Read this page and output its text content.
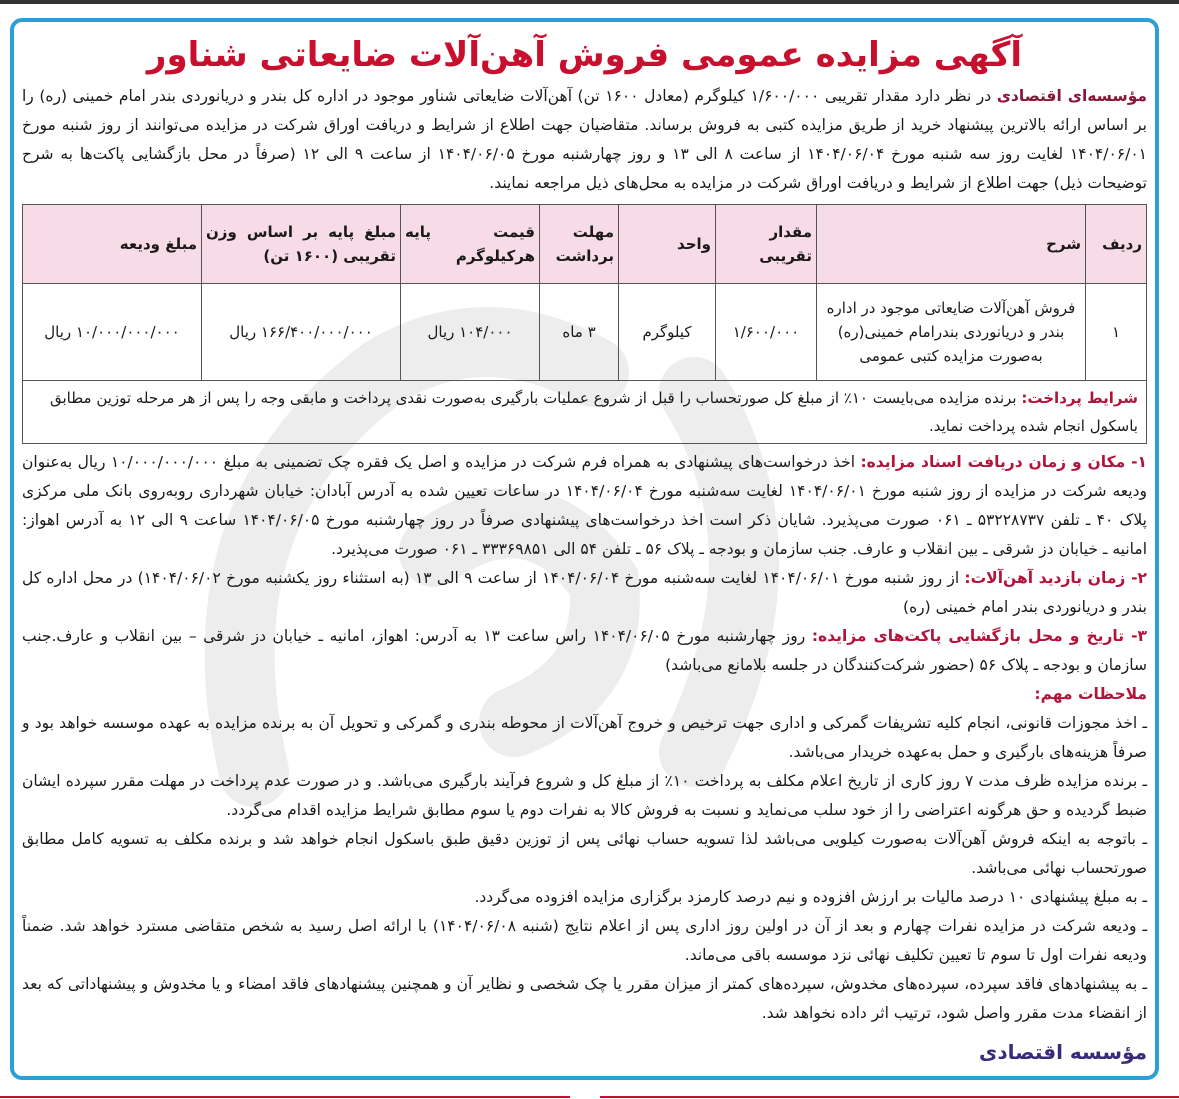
آگهی مزایده عمومی فروش آهن‌آلات ضایعاتی شناور

مؤسسه‌ای اقتصادی در نظر دارد مقدار تقریبی ۱/۶۰۰/۰۰۰ کیلوگرم (معادل ۱۶۰۰ تن) آهن‌آلات ضایعاتی شناور موجود در اداره کل بندر و دریانوردی بندر امام خمینی (ره) را بر اساس ارائه بالاترین پیشنهاد خرید از طریق مزایده کتبی به فروش برساند. متقاضیان جهت اطلاع از شرایط و دریافت اوراق شرکت در مزایده می‌توانند از روز شنبه مورخ ۱۴۰۴/۰۶/۰۱ لغایت روز سه شنبه مورخ ۱۴۰۴/۰۶/۰۴ از ساعت ۸ الی ۱۳ و روز چهارشنبه مورخ ۱۴۰۴/۰۶/۰۵ از ساعت ۹ الی ۱۲ (صرفاً در محل بازگشایی پاکت‌ها به شرح توضیحات ذیل) جهت اطلاع از شرایط و دریافت اوراق شرکت در مزایده به محل‌های ذیل مراجعه نمایند.

ردیف	شرح	مقدار تقریبی	واحد	مهلت برداشت	قیمت پایه هرکیلوگرم	مبلغ پایه بر اساس وزن تقریبی (۱۶۰۰ تن)	مبلغ ودیعه
۱	فروش آهن‌آلات ضایعاتی موجود در اداره بندر و دریانوردی بندرامام خمینی(ره) به‌صورت مزایده کتبی عمومی	۱/۶۰۰/۰۰۰	کیلوگرم	۳ ماه	۱۰۴/۰۰۰ ریال	۱۶۶/۴۰۰/۰۰۰/۰۰۰ ریال	۱۰/۰۰۰/۰۰۰/۰۰۰ ریال
شرایط پرداخت: برنده مزایده می‌بایست ۱۰٪ از مبلغ کل صورتحساب را قبل از شروع عملیات بارگیری به‌صورت نقدی پرداخت و مابقی وجه را پس از هر مرحله توزین مطابق باسکول انجام شده پرداخت نماید.							

۱- مکان و زمان دریافت اسناد مزایده: اخذ درخواست‌های پیشنهادی به همراه فرم شرکت در مزایده و اصل یک فقره چک تضمینی به مبلغ ۱۰/۰۰۰/۰۰۰/۰۰۰ ریال به‌عنوان ودیعه شرکت در مزایده از روز شنبه مورخ ۱۴۰۴/۰۶/۰۱ لغایت سه‌شنبه مورخ ۱۴۰۴/۰۶/۰۴ در ساعات تعیین شده به آدرس آبادان: خیابان شهرداری روبه‌روی بانک ملی مرکزی پلاک ۴۰ ـ تلفن ۵۳۲۲۸۷۳۷ ـ ۰۶۱ صورت می‌پذیرد. شایان ذکر است اخذ درخواست‌های پیشنهادی صرفاً در روز چهارشنبه مورخ ۱۴۰۴/۰۶/۰۵ ساعت ۹ الی ۱۲ به آدرس اهواز: امانیه ـ خیابان دز شرقی ـ بین انقلاب و عارف. جنب سازمان و بودجه ـ پلاک ۵۶ ـ تلفن ۵۴ الی ۳۳۳۶۹۸۵۱ ـ ۰۶۱ صورت می‌پذیرد.

۲- زمان بازدید آهن‌آلات: از روز شنبه مورخ ۱۴۰۴/۰۶/۰۱ لغایت سه‌شنبه مورخ ۱۴۰۴/۰۶/۰۴ از ساعت ۹ الی ۱۳ (به استثناء روز یکشنبه مورخ ۱۴۰۴/۰۶/۰۲) در محل اداره کل بندر و دریانوردی بندر امام خمینی (ره)

۳- تاریخ و محل بازگشایی پاکت‌های مزایده: روز چهارشنبه مورخ ۱۴۰۴/۰۶/۰۵ راس ساعت ۱۳ به آدرس: اهواز، امانیه ـ خیابان دز شرقی – بین انقلاب و عارف.جنب سازمان و بودجه ـ پلاک ۵۶ (حضور شرکت‌کنندگان در جلسه بلامانع می‌باشد)

ملاحظات مهم:

ـ اخذ مجوزات قانونی، انجام کلیه تشریفات گمرکی و اداری جهت ترخیص و خروج آهن‌آلات از محوطه بندری و گمرکی و تحویل آن به برنده مزایده به عهده موسسه خواهد بود و صرفاً هزینه‌های بارگیری و حمل به‌عهده خریدار می‌باشد.

ـ برنده مزایده ظرف مدت ۷ روز کاری از تاریخ اعلام مکلف به پرداخت ۱۰٪ از مبلغ کل و شروع فرآیند بارگیری می‌باشد. و در صورت عدم پرداخت در مهلت مقرر سپرده ایشان ضبط گردیده و حق هرگونه اعتراضی را از خود سلب می‌نماید و نسبت به فروش کالا به نفرات دوم یا سوم مطابق شرایط مزایده اقدام می‌گردد.

ـ باتوجه به اینکه فروش آهن‌آلات به‌صورت کیلویی می‌باشد لذا تسویه حساب نهائی پس از توزین دقیق طبق باسکول انجام خواهد شد و برنده مکلف به تسویه کامل مطابق صورتحساب نهائی می‌باشد.

ـ به مبلغ پیشنهادی ۱۰ درصد مالیات بر ارزش افزوده و نیم درصد کارمزد برگزاری مزایده افزوده می‌گردد.

ـ ودیعه شرکت در مزایده نفرات چهارم و بعد از آن در اولین روز اداری پس از اعلام نتایج (شنبه ۱۴۰۴/۰۶/۰۸) با ارائه اصل رسید به شخص متقاضی مسترد خواهد شد. ضمناً ودیعه نفرات اول تا سوم تا تعیین تکلیف نهائی نزد موسسه باقی می‌ماند.

ـ به پیشنهادهای فاقد سپرده، سپرده‌های مخدوش، سپرده‌های کمتر از میزان مقرر یا چک شخصی و نظایر آن و همچنین پیشنهادهای فاقد امضاء و یا مخدوش و پیشنهاداتی که بعد از انقضاء مدت مقرر واصل شود، ترتیب اثر داده نخواهد شد.

مؤسسه اقتصادی
